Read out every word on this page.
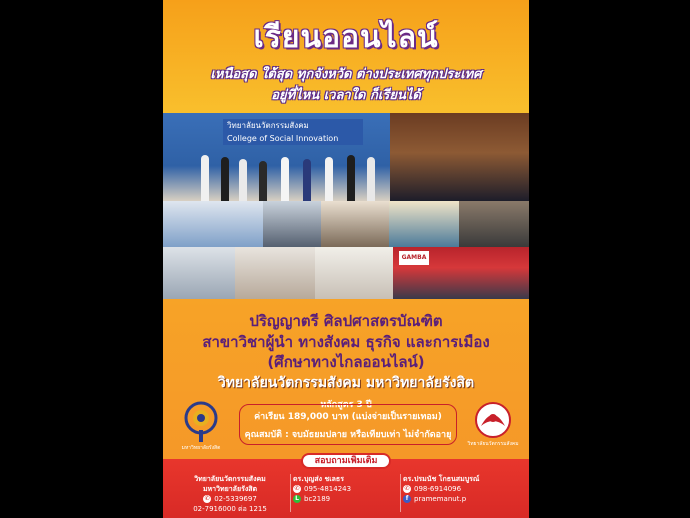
เรียนออนไลน์
เหนือสุด ใต้สุด ทุกจังหวัด ต่างประเทศทุกประเทศ
อยู่ที่ไหน เวลาใด ก็เรียนได้
วิทยาลัยนวัตกรรมสังคม
College of Social Innovation
GAMBA
ปริญญาตรี ศิลปศาสตรบัณฑิต
สาขาวิชาผู้นำ ทางสังคม ธุรกิจ และการเมือง
(ศึกษาทางไกลออนไลน์)
วิทยาลัยนวัตกรรมสังคม มหาวิทยาลัยรังสิต
หลักสูตร 3 ปี
ค่าเรียน 189,000 บาท (แบ่งจ่ายเป็นรายเทอม)
คุณสมบัติ : จบมัธยมปลาย หรือเทียบเท่า ไม่จำกัดอายุ
มหาวิทยาลัยรังสิต
วิทยาลัยนวัตกรรมสังคม
สอบถามเพิ่มเติม
วิทยาลัยนวัตกรรมสังคม
มหาวิทยาลัยรังสิต
✆ 02-5339697
02-7916000 ต่อ 1215
ดร.บุญส่ง ชเลธร
✆ 095-4814243
L bc2189
ดร.ปรมนัช โกธนสมบูรณ์
✆ 098-6914096
f pramemanut.p
